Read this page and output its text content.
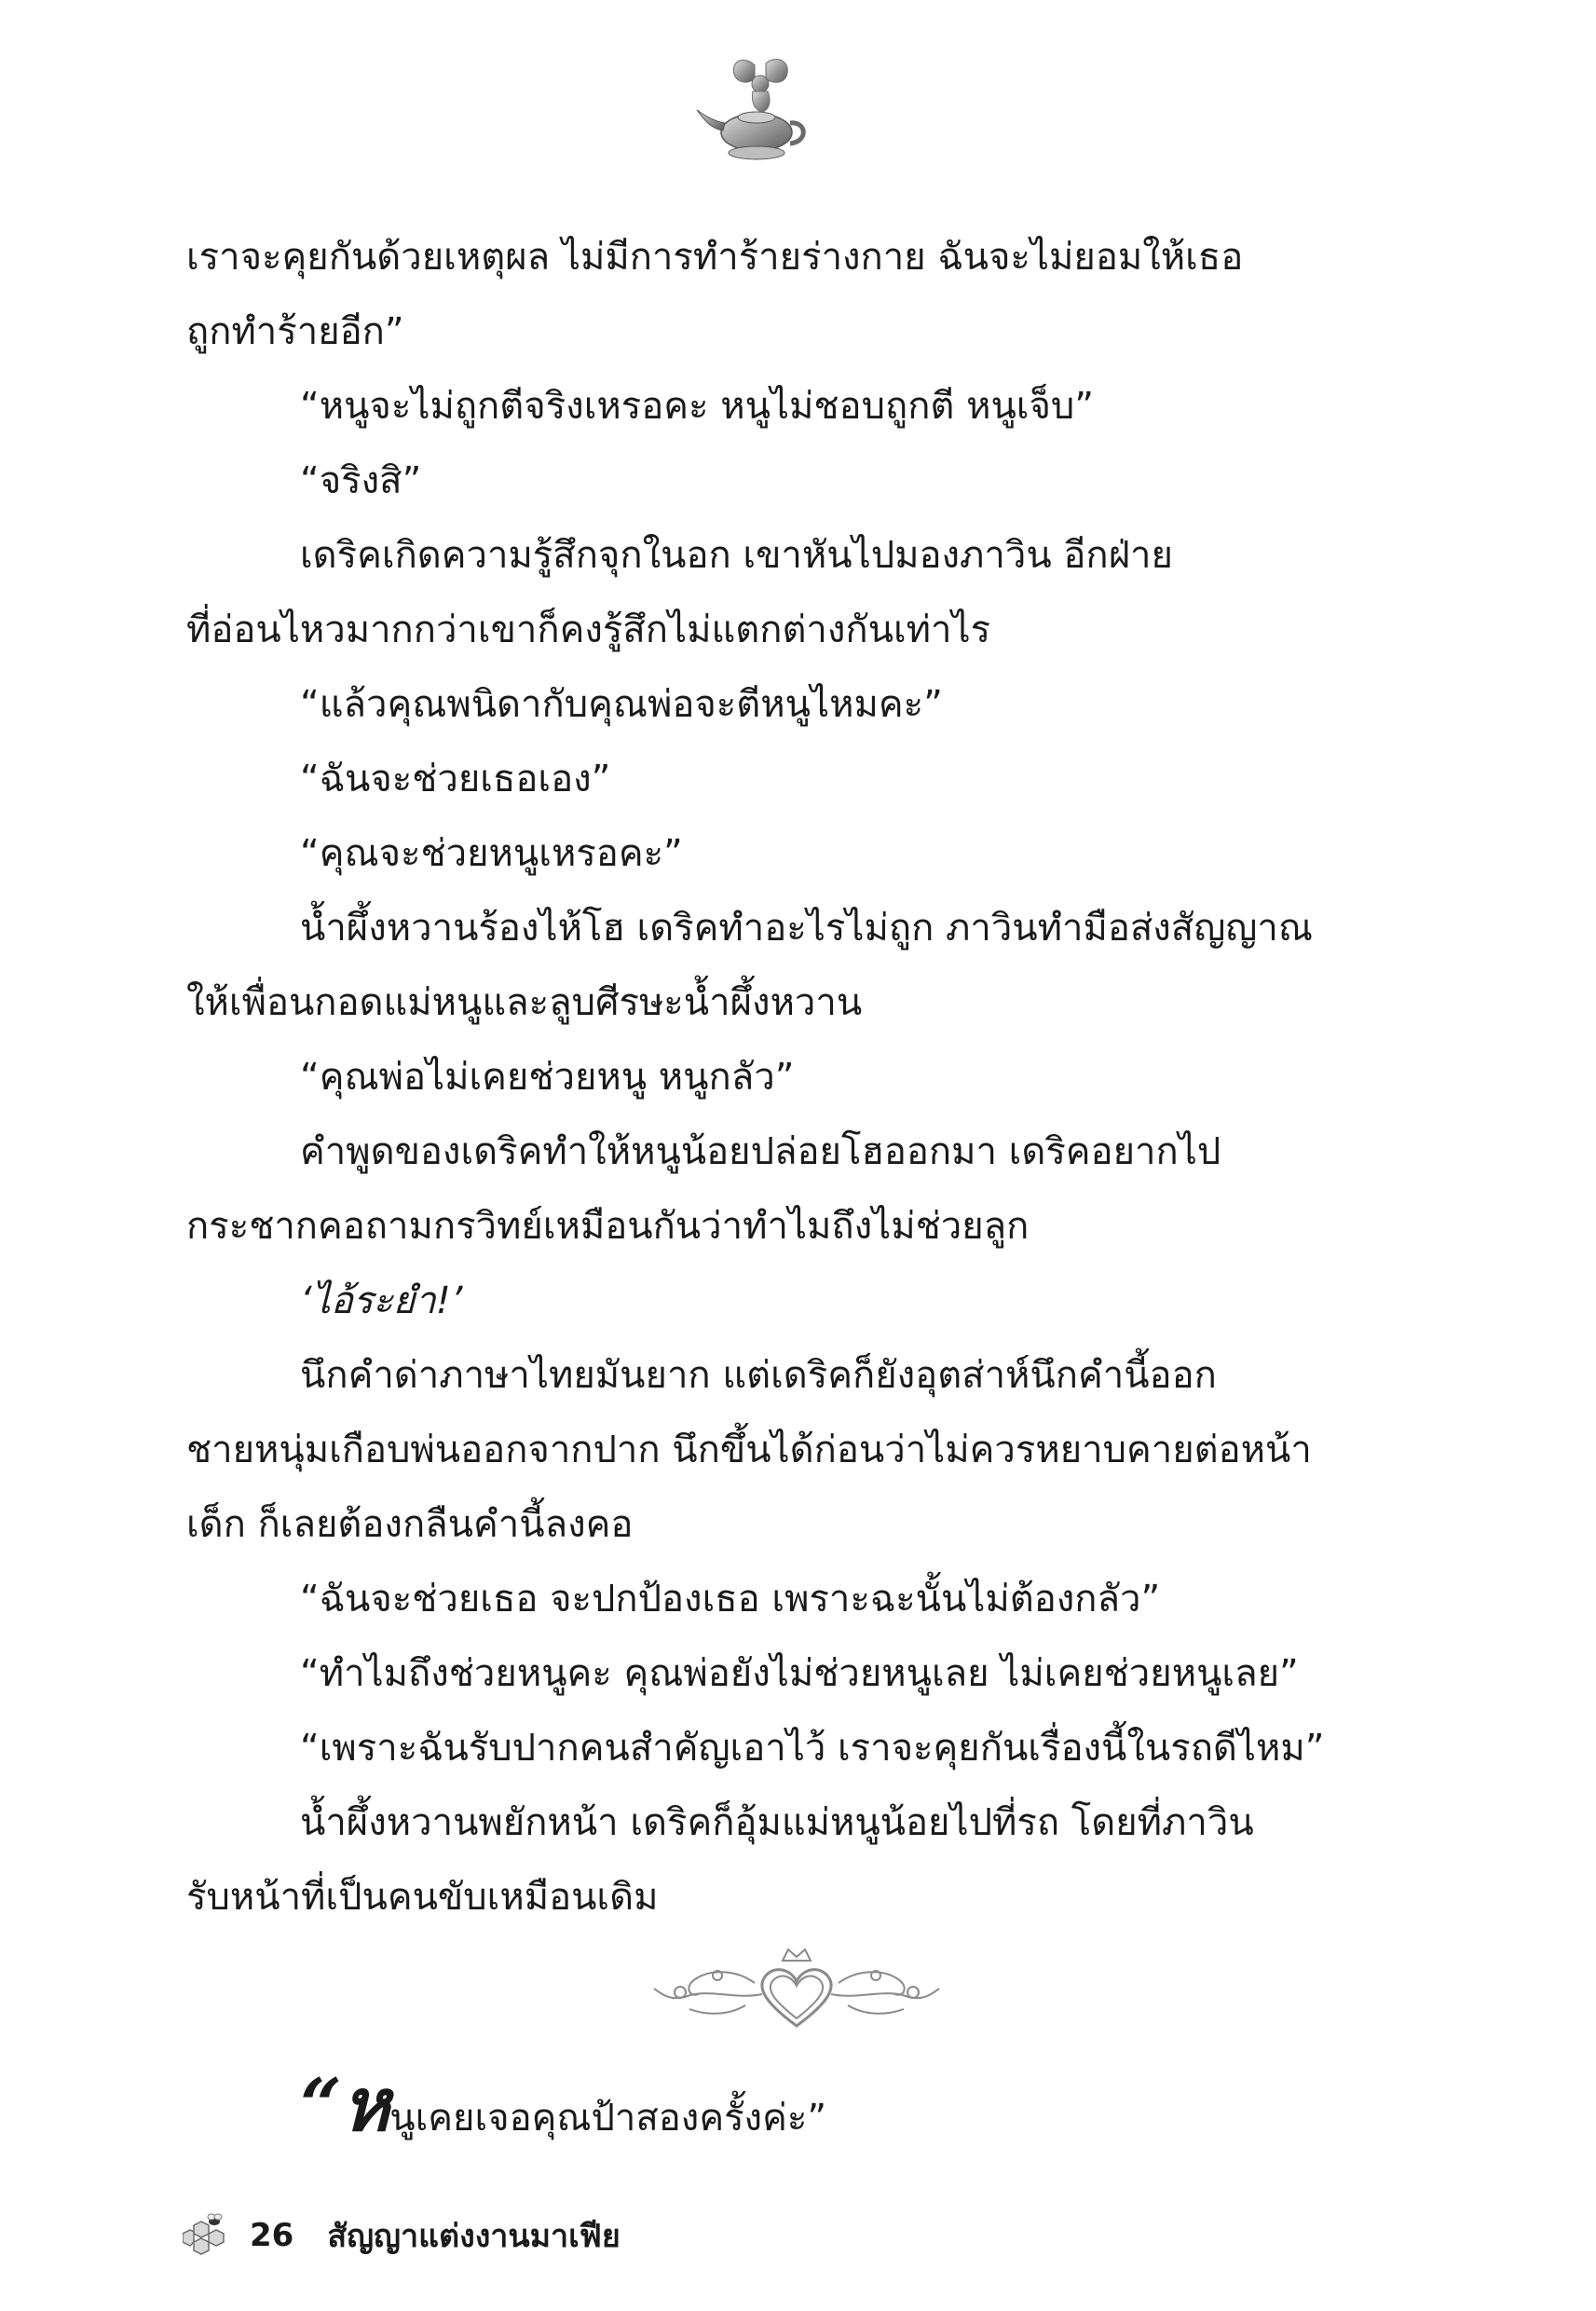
เราจะคุยกันด้วยเหตุผล ไม่มีการทำร้ายร่างกาย ฉันจะไม่ยอมให้เธอ
ถูกทำร้ายอีก”
“หนูจะไม่ถูกตีจริงเหรอคะ หนูไม่ชอบถูกตี หนูเจ็บ”
“จริงสิ”
เดริคเกิดความรู้สึกจุกในอก เขาหันไปมองภาวิน อีกฝ่าย
ที่อ่อนไหวมากกว่าเขาก็คงรู้สึกไม่แตกต่างกันเท่าไร
“แล้วคุณพนิดากับคุณพ่อจะตีหนูไหมคะ”
“ฉันจะช่วยเธอเอง”
“คุณจะช่วยหนูเหรอคะ”
น้ำผึ้งหวานร้องไห้โฮ เดริคทำอะไรไม่ถูก ภาวินทำมือส่งสัญญาณ
ให้เพื่อนกอดแม่หนูและลูบศีรษะน้ำผึ้งหวาน
“คุณพ่อไม่เคยช่วยหนู หนูกลัว”
คำพูดของเดริคทำให้หนูน้อยปล่อยโฮออกมา เดริคอยากไป
กระชากคอถามกรวิทย์เหมือนกันว่าทำไมถึงไม่ช่วยลูก
‘ไอ้ระยำ!’
นึกคำด่าภาษาไทยมันยาก แต่เดริคก็ยังอุตส่าห์นึกคำนี้ออก
ชายหนุ่มเกือบพ่นออกจากปาก นึกขึ้นได้ก่อนว่าไม่ควรหยาบคายต่อหน้า
เด็ก ก็เลยต้องกลืนคำนี้ลงคอ
“ฉันจะช่วยเธอ จะปกป้องเธอ เพราะฉะนั้นไม่ต้องกลัว”
“ทำไมถึงช่วยหนูคะ คุณพ่อยังไม่ช่วยหนูเลย ไม่เคยช่วยหนูเลย”
“เพราะฉันรับปากคนสำคัญเอาไว้ เราจะคุยกันเรื่องนี้ในรถดีไหม”
น้ำผึ้งหวานพยักหน้า เดริคก็อุ้มแม่หนูน้อยไปที่รถ โดยที่ภาวิน
รับหน้าที่เป็นคนขับเหมือนเดิม
“หนูเคยเจอคุณป้าสองครั้งค่ะ”
26 สัญญาแต่งงานมาเฟีย
